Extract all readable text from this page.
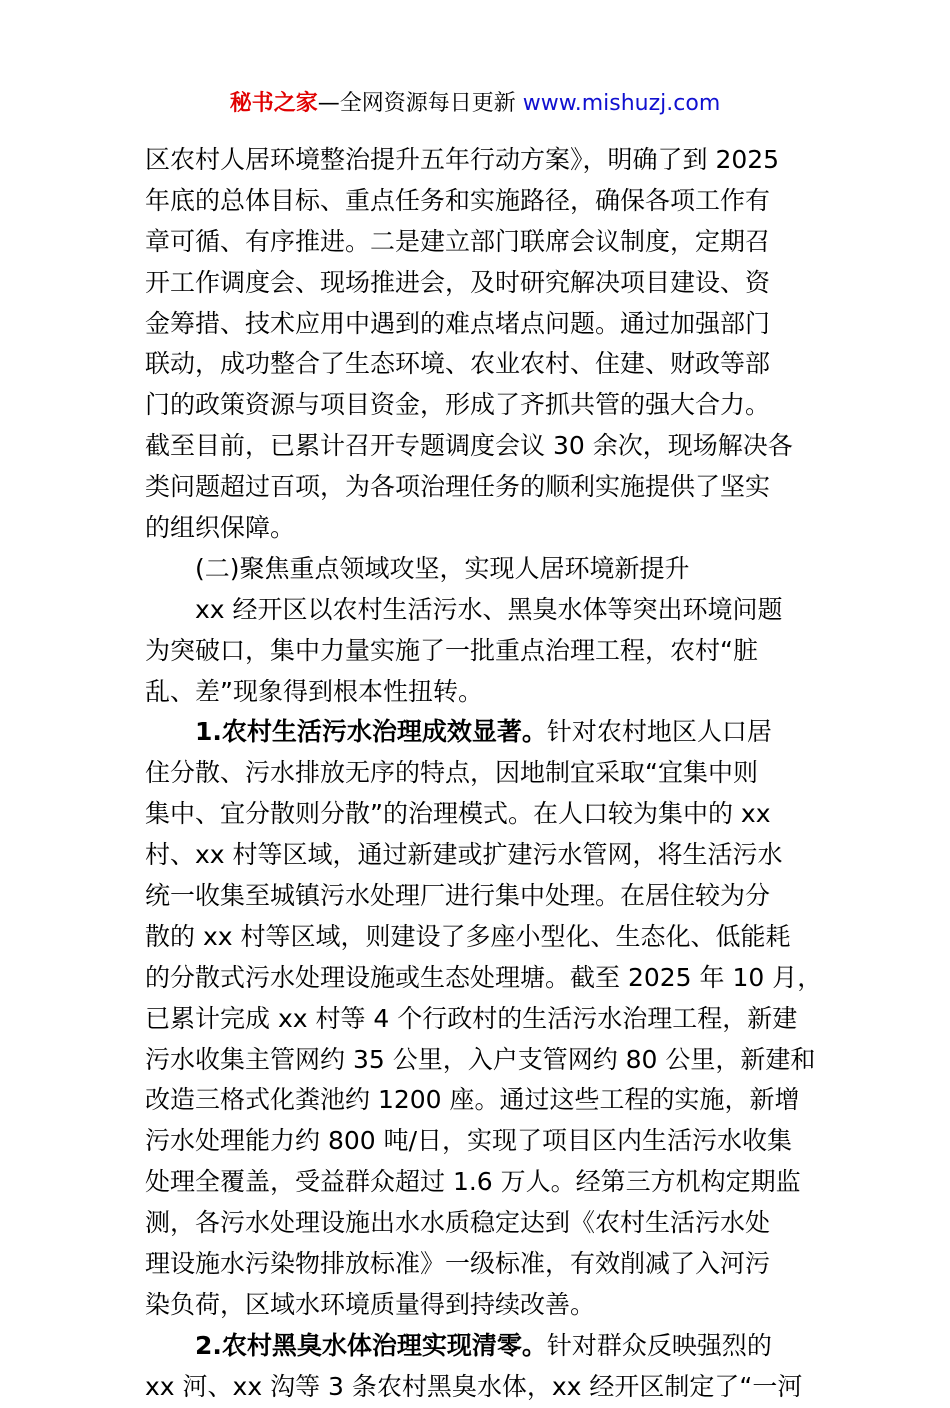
秘书之家—全网资源每日更新 www.mishuzj.com
区农村人居环境整治提升五年行动方案》，明确了到 2025
年底的总体目标、重点任务和实施路径，确保各项工作有
章可循、有序推进。二是建立部门联席会议制度，定期召
开工作调度会、现场推进会，及时研究解决项目建设、资
金筹措、技术应用中遇到的难点堵点问题。通过加强部门
联动，成功整合了生态环境、农业农村、住建、财政等部
门的政策资源与项目资金，形成了齐抓共管的强大合力。
截至目前，已累计召开专题调度会议 30 余次，现场解决各
类问题超过百项，为各项治理任务的顺利实施提供了坚实
的组织保障。
(二)聚焦重点领域攻坚，实现人居环境新提升
xx 经开区以农村生活污水、黑臭水体等突出环境问题
为突破口，集中力量实施了一批重点治理工程，农村“脏
乱、差”现象得到根本性扭转。
1.农村生活污水治理成效显著。针对农村地区人口居
住分散、污水排放无序的特点，因地制宜采取“宜集中则
集中、宜分散则分散”的治理模式。在人口较为集中的 xx
村、xx 村等区域，通过新建或扩建污水管网，将生活污水
统一收集至城镇污水处理厂进行集中处理。在居住较为分
散的 xx 村等区域，则建设了多座小型化、生态化、低能耗
的分散式污水处理设施或生态处理塘。截至 2025 年 10 月，
已累计完成 xx 村等 4 个行政村的生活污水治理工程，新建
污水收集主管网约 35 公里，入户支管网约 80 公里，新建和
改造三格式化粪池约 1200 座。通过这些工程的实施，新增
污水处理能力约 800 吨/日，实现了项目区内生活污水收集
处理全覆盖，受益群众超过 1.6 万人。经第三方机构定期监
测，各污水处理设施出水水质稳定达到《农村生活污水处
理设施水污染物排放标准》一级标准，有效削减了入河污
染负荷，区域水环境质量得到持续改善。
2.农村黑臭水体治理实现清零。针对群众反映强烈的
xx 河、xx 沟等 3 条农村黑臭水体，xx 经开区制定了“一河
